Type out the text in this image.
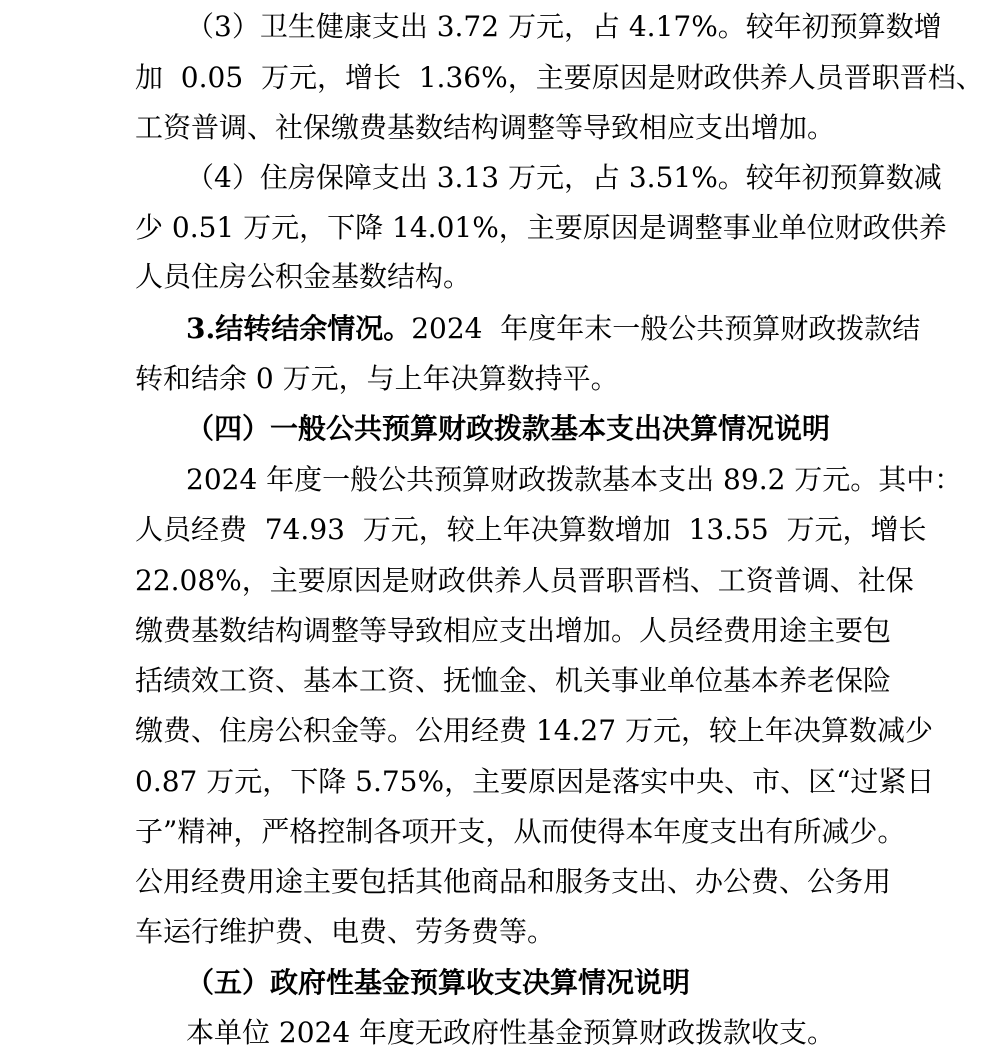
（3）卫生健康支出 3.72 万元，占 4.17%。较年初预算数增
加  0.05  万元，增长  1.36%，主要原因是财政供养人员晋职晋档、
工资普调、社保缴费基数结构调整等导致相应支出增加。
（4）住房保障支出 3.13 万元，占 3.51%。较年初预算数减
少 0.51 万元，下降 14.01%，主要原因是调整事业单位财政供养
人员住房公积金基数结构。
3.结转结余情况。2024  年度年末一般公共预算财政拨款结
转和结余 0 万元，与上年决算数持平。
（四）一般公共预算财政拨款基本支出决算情况说明
2024 年度一般公共预算财政拨款基本支出 89.2 万元。其中：
人员经费  74.93  万元，较上年决算数增加  13.55  万元，增长
22.08%，主要原因是财政供养人员晋职晋档、工资普调、社保
缴费基数结构调整等导致相应支出增加。人员经费用途主要包
括绩效工资、基本工资、抚恤金、机关事业单位基本养老保险
缴费、住房公积金等。公用经费 14.27 万元，较上年决算数减少
0.87 万元，下降 5.75%，主要原因是落实中央、市、区“过紧日
子”精神，严格控制各项开支，从而使得本年度支出有所减少。
公用经费用途主要包括其他商品和服务支出、办公费、公务用
车运行维护费、电费、劳务费等。
（五）政府性基金预算收支决算情况说明
本单位 2024 年度无政府性基金预算财政拨款收支。
